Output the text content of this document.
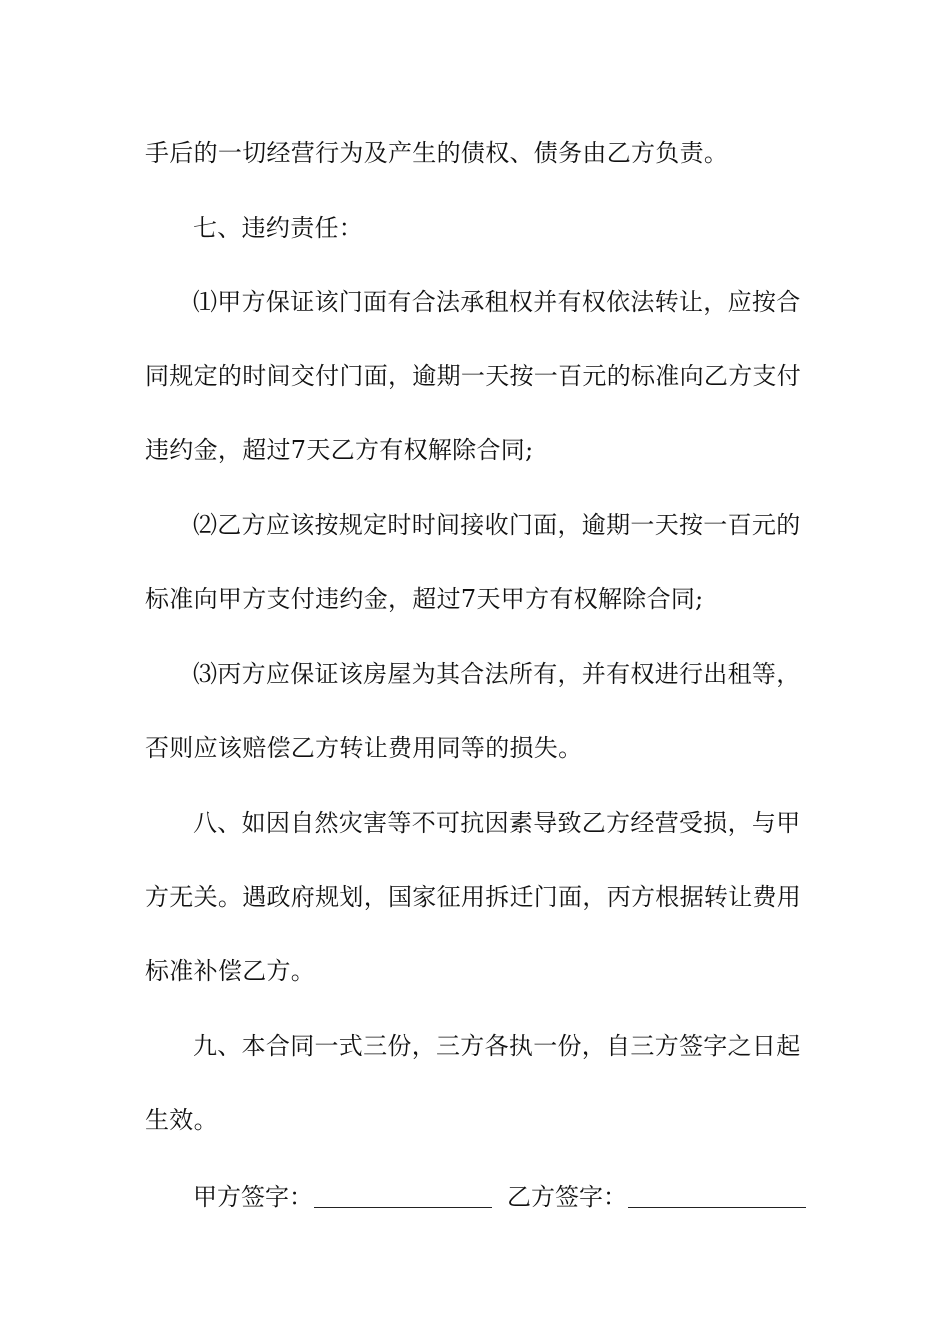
手后的一切经营行为及产生的债权、债务由乙方负责。
七、违约责任：
⑴甲方保证该门面有合法承租权并有权依法转让，应按合
同规定的时间交付门面，逾期一天按一百元的标准向乙方支付
违约金，超过7天乙方有权解除合同;
⑵乙方应该按规定时时间接收门面，逾期一天按一百元的
标准向甲方支付违约金，超过7天甲方有权解除合同;
⑶丙方应保证该房屋为其合法所有，并有权进行出租等，
否则应该赔偿乙方转让费用同等的损失。
八、如因自然灾害等不可抗因素导致乙方经营受损，与甲
方无关。遇政府规划，国家征用拆迁门面，丙方根据转让费用
标准补偿乙方。
九、本合同一式三份，三方各执一份，自三方签字之日起
生效。
甲方签字：	乙方签字：
